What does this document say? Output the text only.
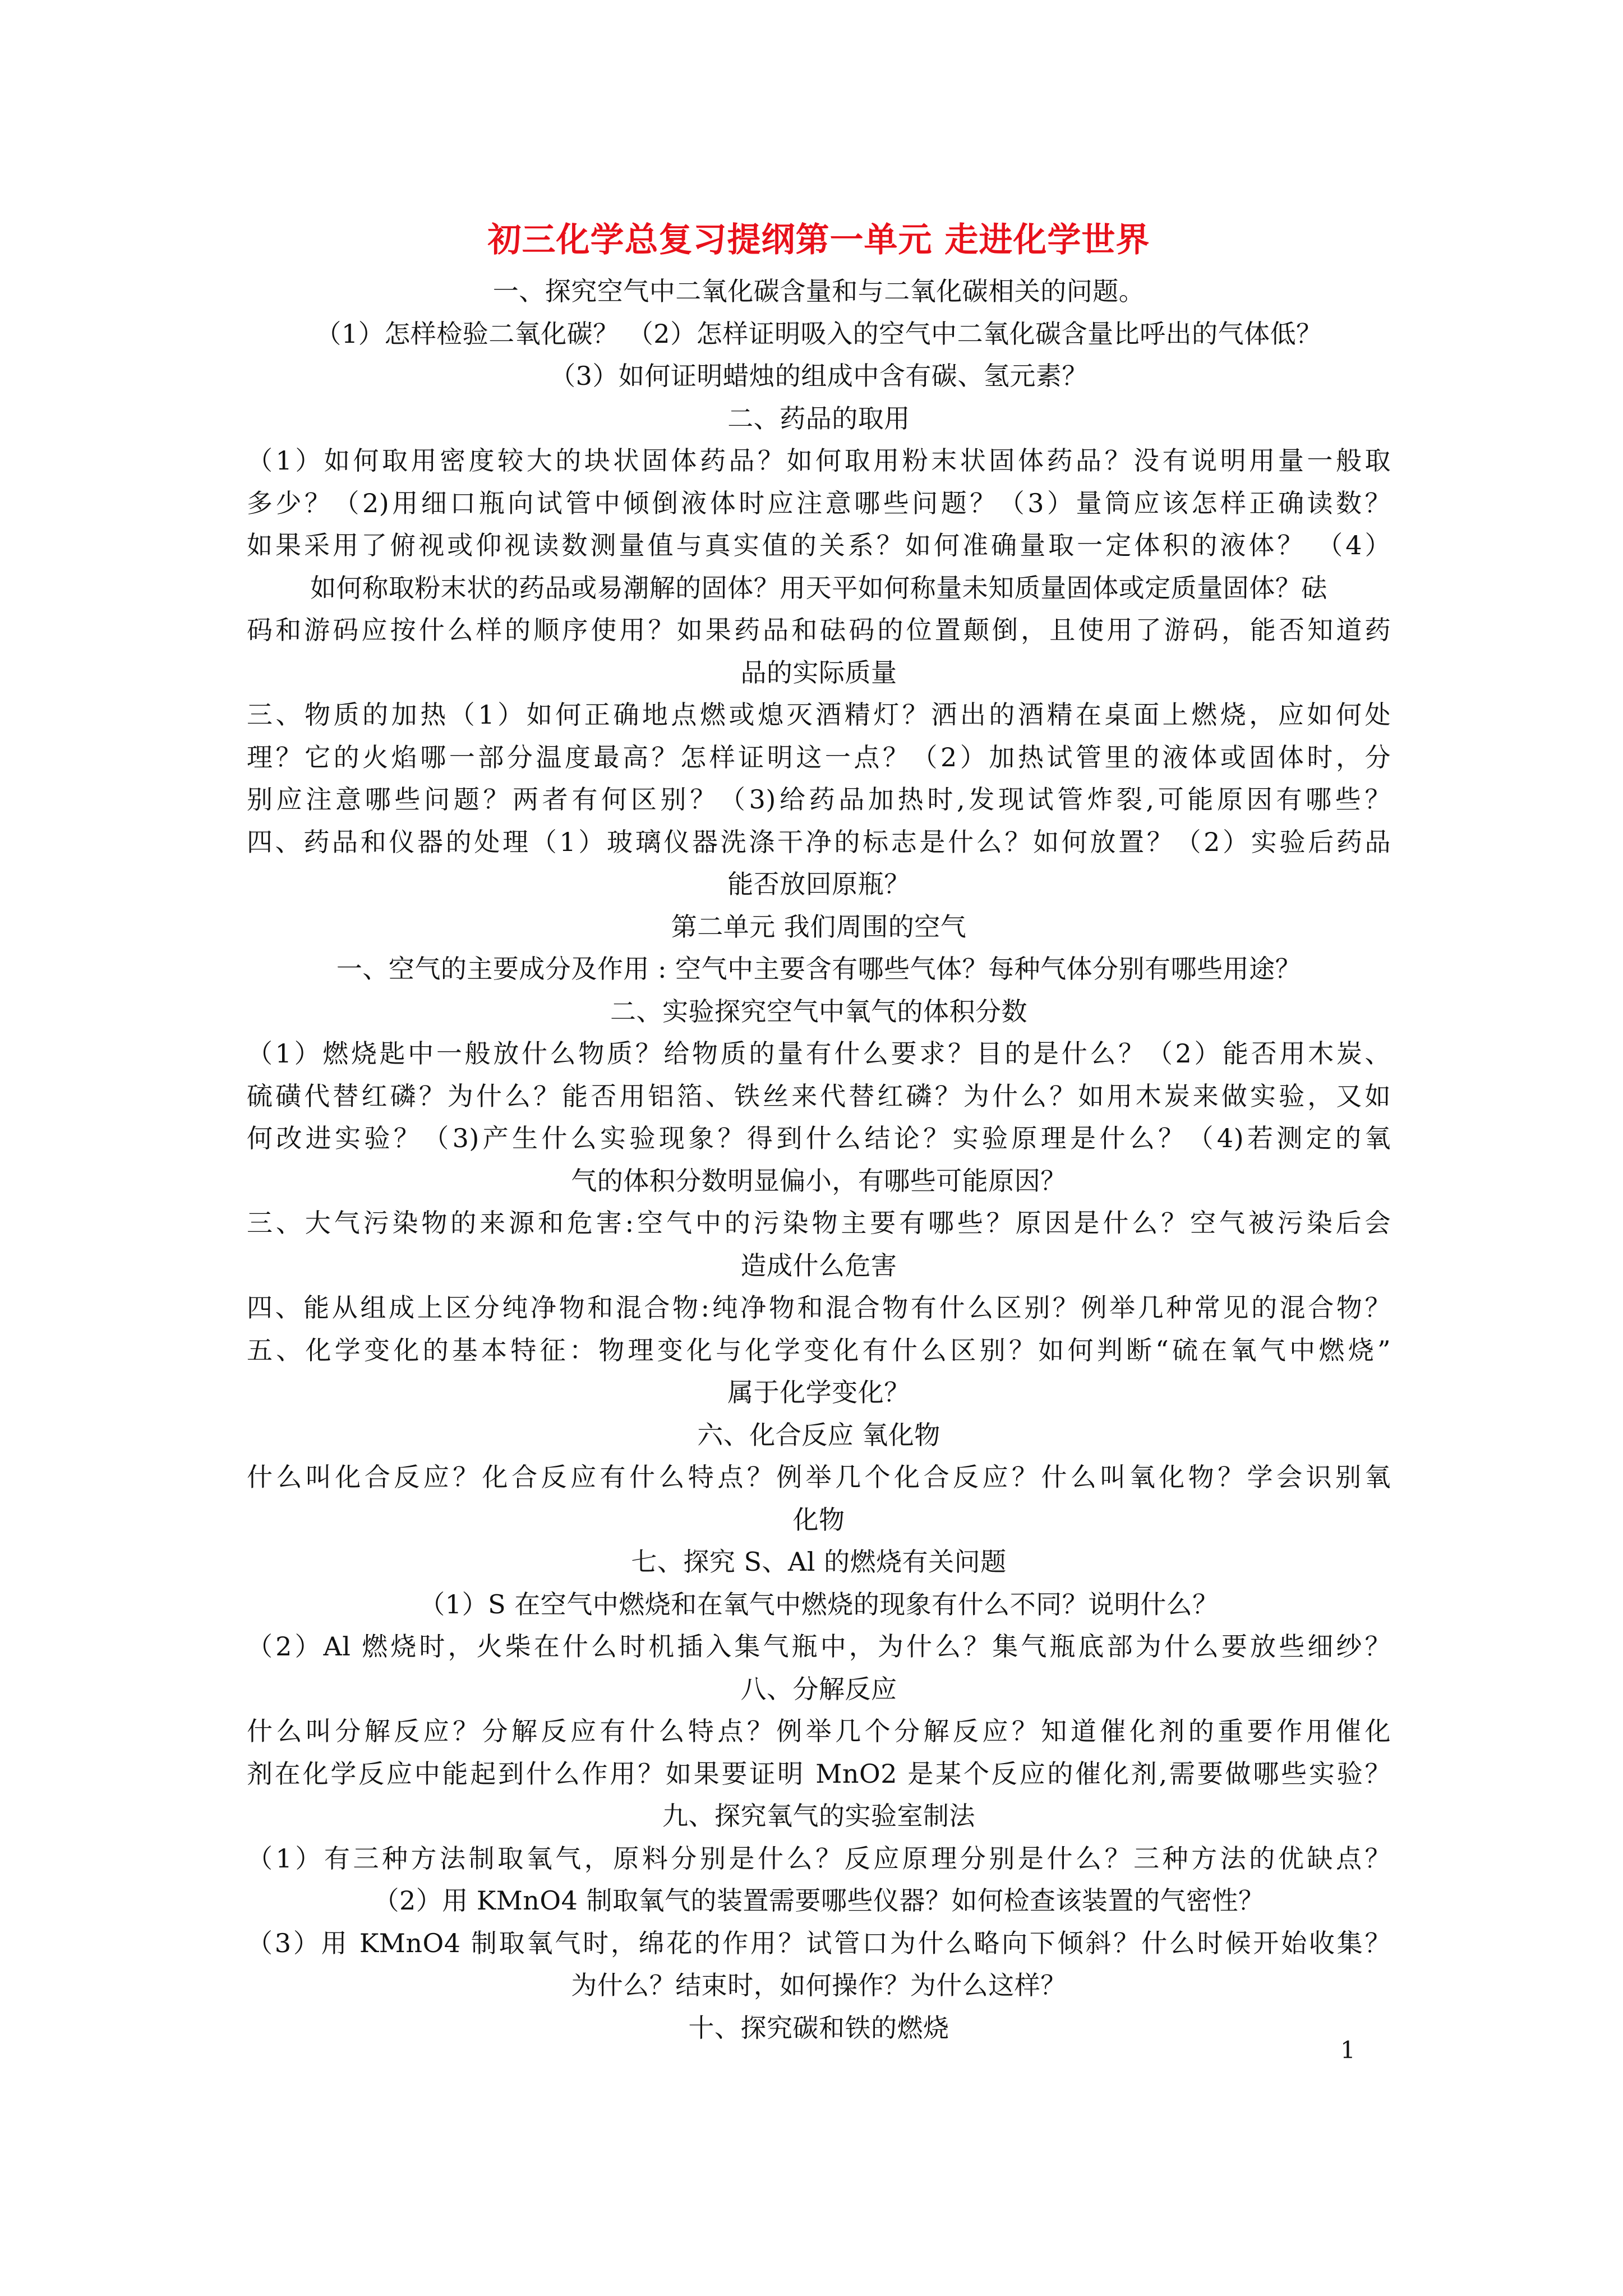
初三化学总复习提纲第一单元 走进化学世界

一、探究空气中二氧化碳含量和与二氧化碳相关的问题。

（1）怎样检验二氧化碳？ （2）怎样证明吸入的空气中二氧化碳含量比呼出的气体低？

（3）如何证明蜡烛的组成中含有碳、氢元素？

二、药品的取用

（1）如何取用密度较大的块状固体药品？如何取用粉末状固体药品？没有说明用量一般取

多少？（2)用细口瓶向试管中倾倒液体时应注意哪些问题？（3）量筒应该怎样正确读数？

如果采用了俯视或仰视读数测量值与真实值的关系？如何准确量取一定体积的液体？ （4）

如何称取粉末状的药品或易潮解的固体？用天平如何称量未知质量固体或定质量固体？砝

码和游码应按什么样的顺序使用？如果药品和砝码的位置颠倒，且使用了游码，能否知道药

品的实际质量

三、物质的加热（1）如何正确地点燃或熄灭酒精灯？洒出的酒精在桌面上燃烧，应如何处

理？它的火焰哪一部分温度最高？怎样证明这一点？（2）加热试管里的液体或固体时，分

别应注意哪些问题？两者有何区别？（3)给药品加热时,发现试管炸裂,可能原因有哪些？

四、药品和仪器的处理（1）玻璃仪器洗涤干净的标志是什么？如何放置？（2）实验后药品

能否放回原瓶？

第二单元 我们周围的空气

一、空气的主要成分及作用 : 空气中主要含有哪些气体？每种气体分别有哪些用途？

二、实验探究空气中氧气的体积分数

（1）燃烧匙中一般放什么物质？给物质的量有什么要求？目的是什么？（2）能否用木炭、

硫磺代替红磷？为什么？能否用铝箔、铁丝来代替红磷？为什么？如用木炭来做实验，又如

何改进实验？（3)产生什么实验现象？得到什么结论？实验原理是什么？（4)若测定的氧

气的体积分数明显偏小，有哪些可能原因？

三、大气污染物的来源和危害:空气中的污染物主要有哪些？原因是什么？空气被污染后会

造成什么危害

四、能从组成上区分纯净物和混合物:纯净物和混合物有什么区别？例举几种常见的混合物？

五、化学变化的基本特征：物理变化与化学变化有什么区别？如何判断“硫在氧气中燃烧”

属于化学变化？

六、化合反应 氧化物

什么叫化合反应？化合反应有什么特点？例举几个化合反应？什么叫氧化物？学会识别氧

化物

七、探究 S、Al 的燃烧有关问题

（1）S 在空气中燃烧和在氧气中燃烧的现象有什么不同？说明什么？

（2）Al 燃烧时，火柴在什么时机插入集气瓶中，为什么？集气瓶底部为什么要放些细纱？

八、分解反应

什么叫分解反应？分解反应有什么特点？例举几个分解反应？知道催化剂的重要作用催化

剂在化学反应中能起到什么作用？如果要证明 MnO2 是某个反应的催化剂,需要做哪些实验？

九、探究氧气的实验室制法

（1）有三种方法制取氧气，原料分别是什么？反应原理分别是什么？三种方法的优缺点？

（2）用 KMnO4 制取氧气的装置需要哪些仪器？如何检查该装置的气密性？

（3）用 KMnO4 制取氧气时，绵花的作用？试管口为什么略向下倾斜？什么时候开始收集？

为什么？结束时，如何操作？为什么这样？

十、探究碳和铁的燃烧

1
